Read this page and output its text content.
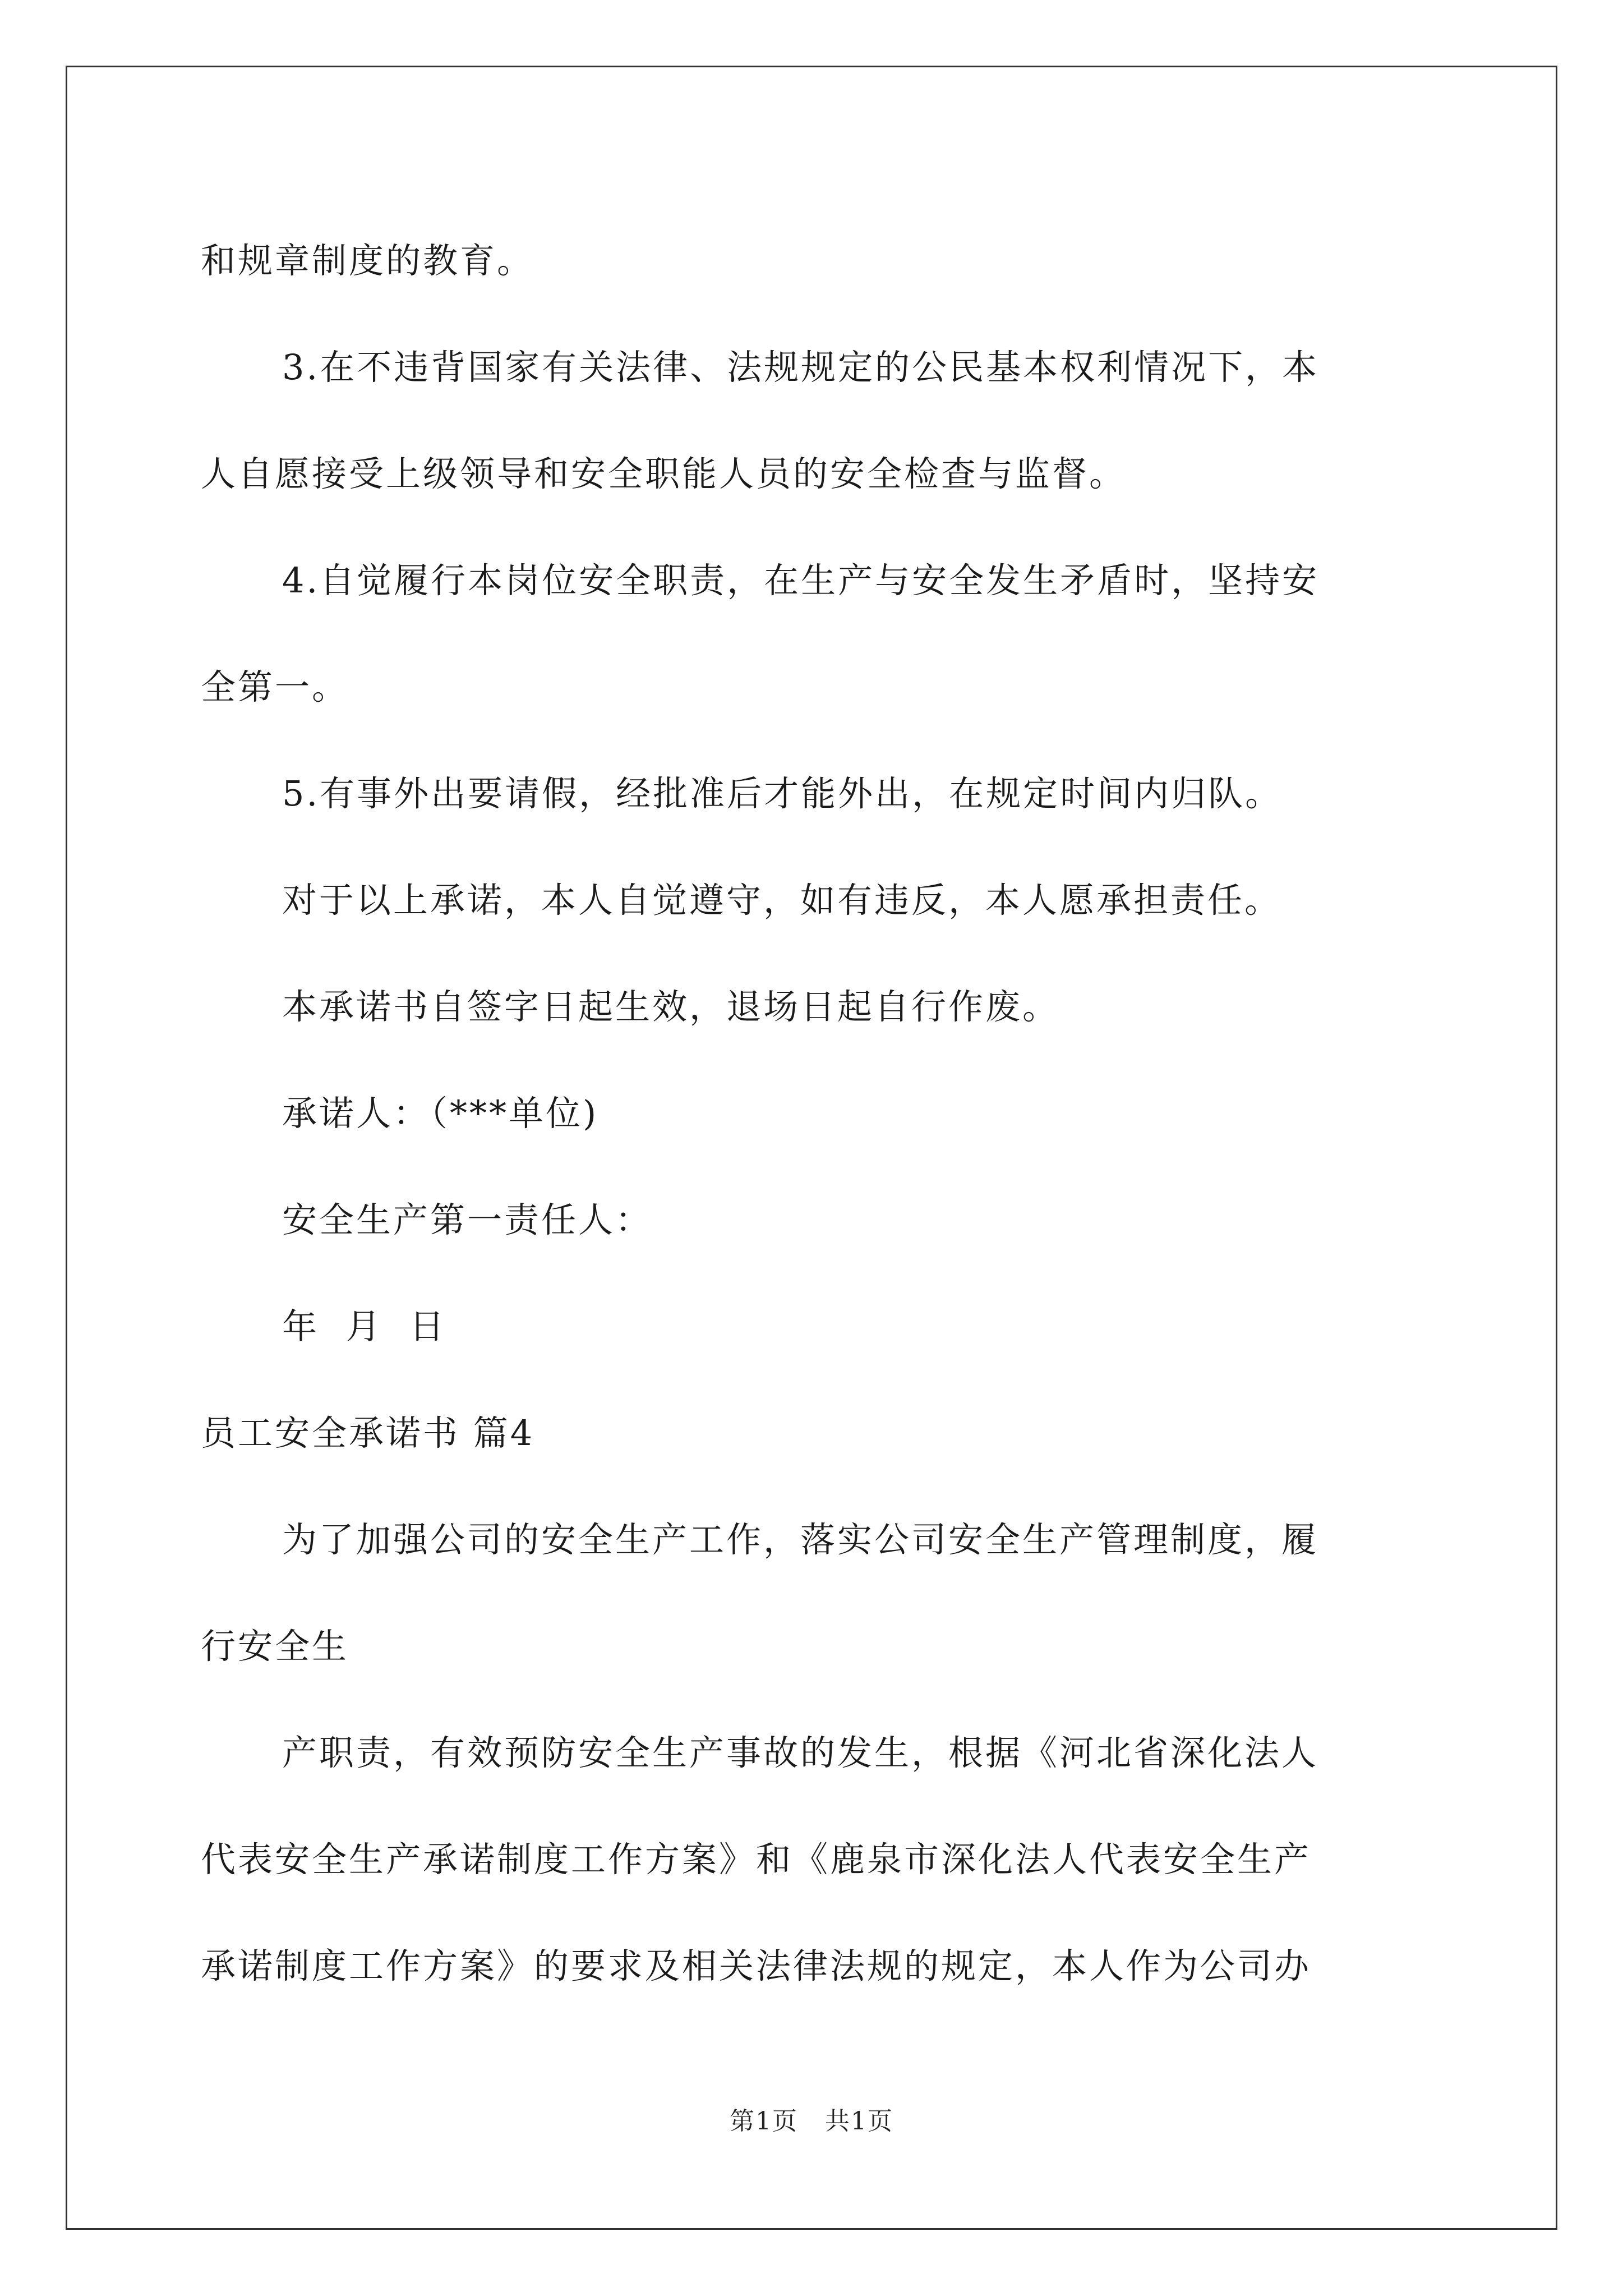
和规章制度的教育。
3.在不违背国家有关法律、法规规定的公民基本权利情况下，本
人自愿接受上级领导和安全职能人员的安全检查与监督。
4.自觉履行本岗位安全职责，在生产与安全发生矛盾时，坚持安
全第一。
5.有事外出要请假，经批准后才能外出，在规定时间内归队。
对于以上承诺，本人自觉遵守，如有违反，本人愿承担责任。
本承诺书自签字日起生效，退场日起自行作废。
承诺人：（***单位)
安全生产第一责任人：
年  月  日
员工安全承诺书 篇4
为了加强公司的安全生产工作，落实公司安全生产管理制度，履
行安全生
产职责，有效预防安全生产事故的发生，根据《河北省深化法人
代表安全生产承诺制度工作方案》和《鹿泉市深化法人代表安全生产
承诺制度工作方案》的要求及相关法律法规的规定，本人作为公司办
第1页   共1页
